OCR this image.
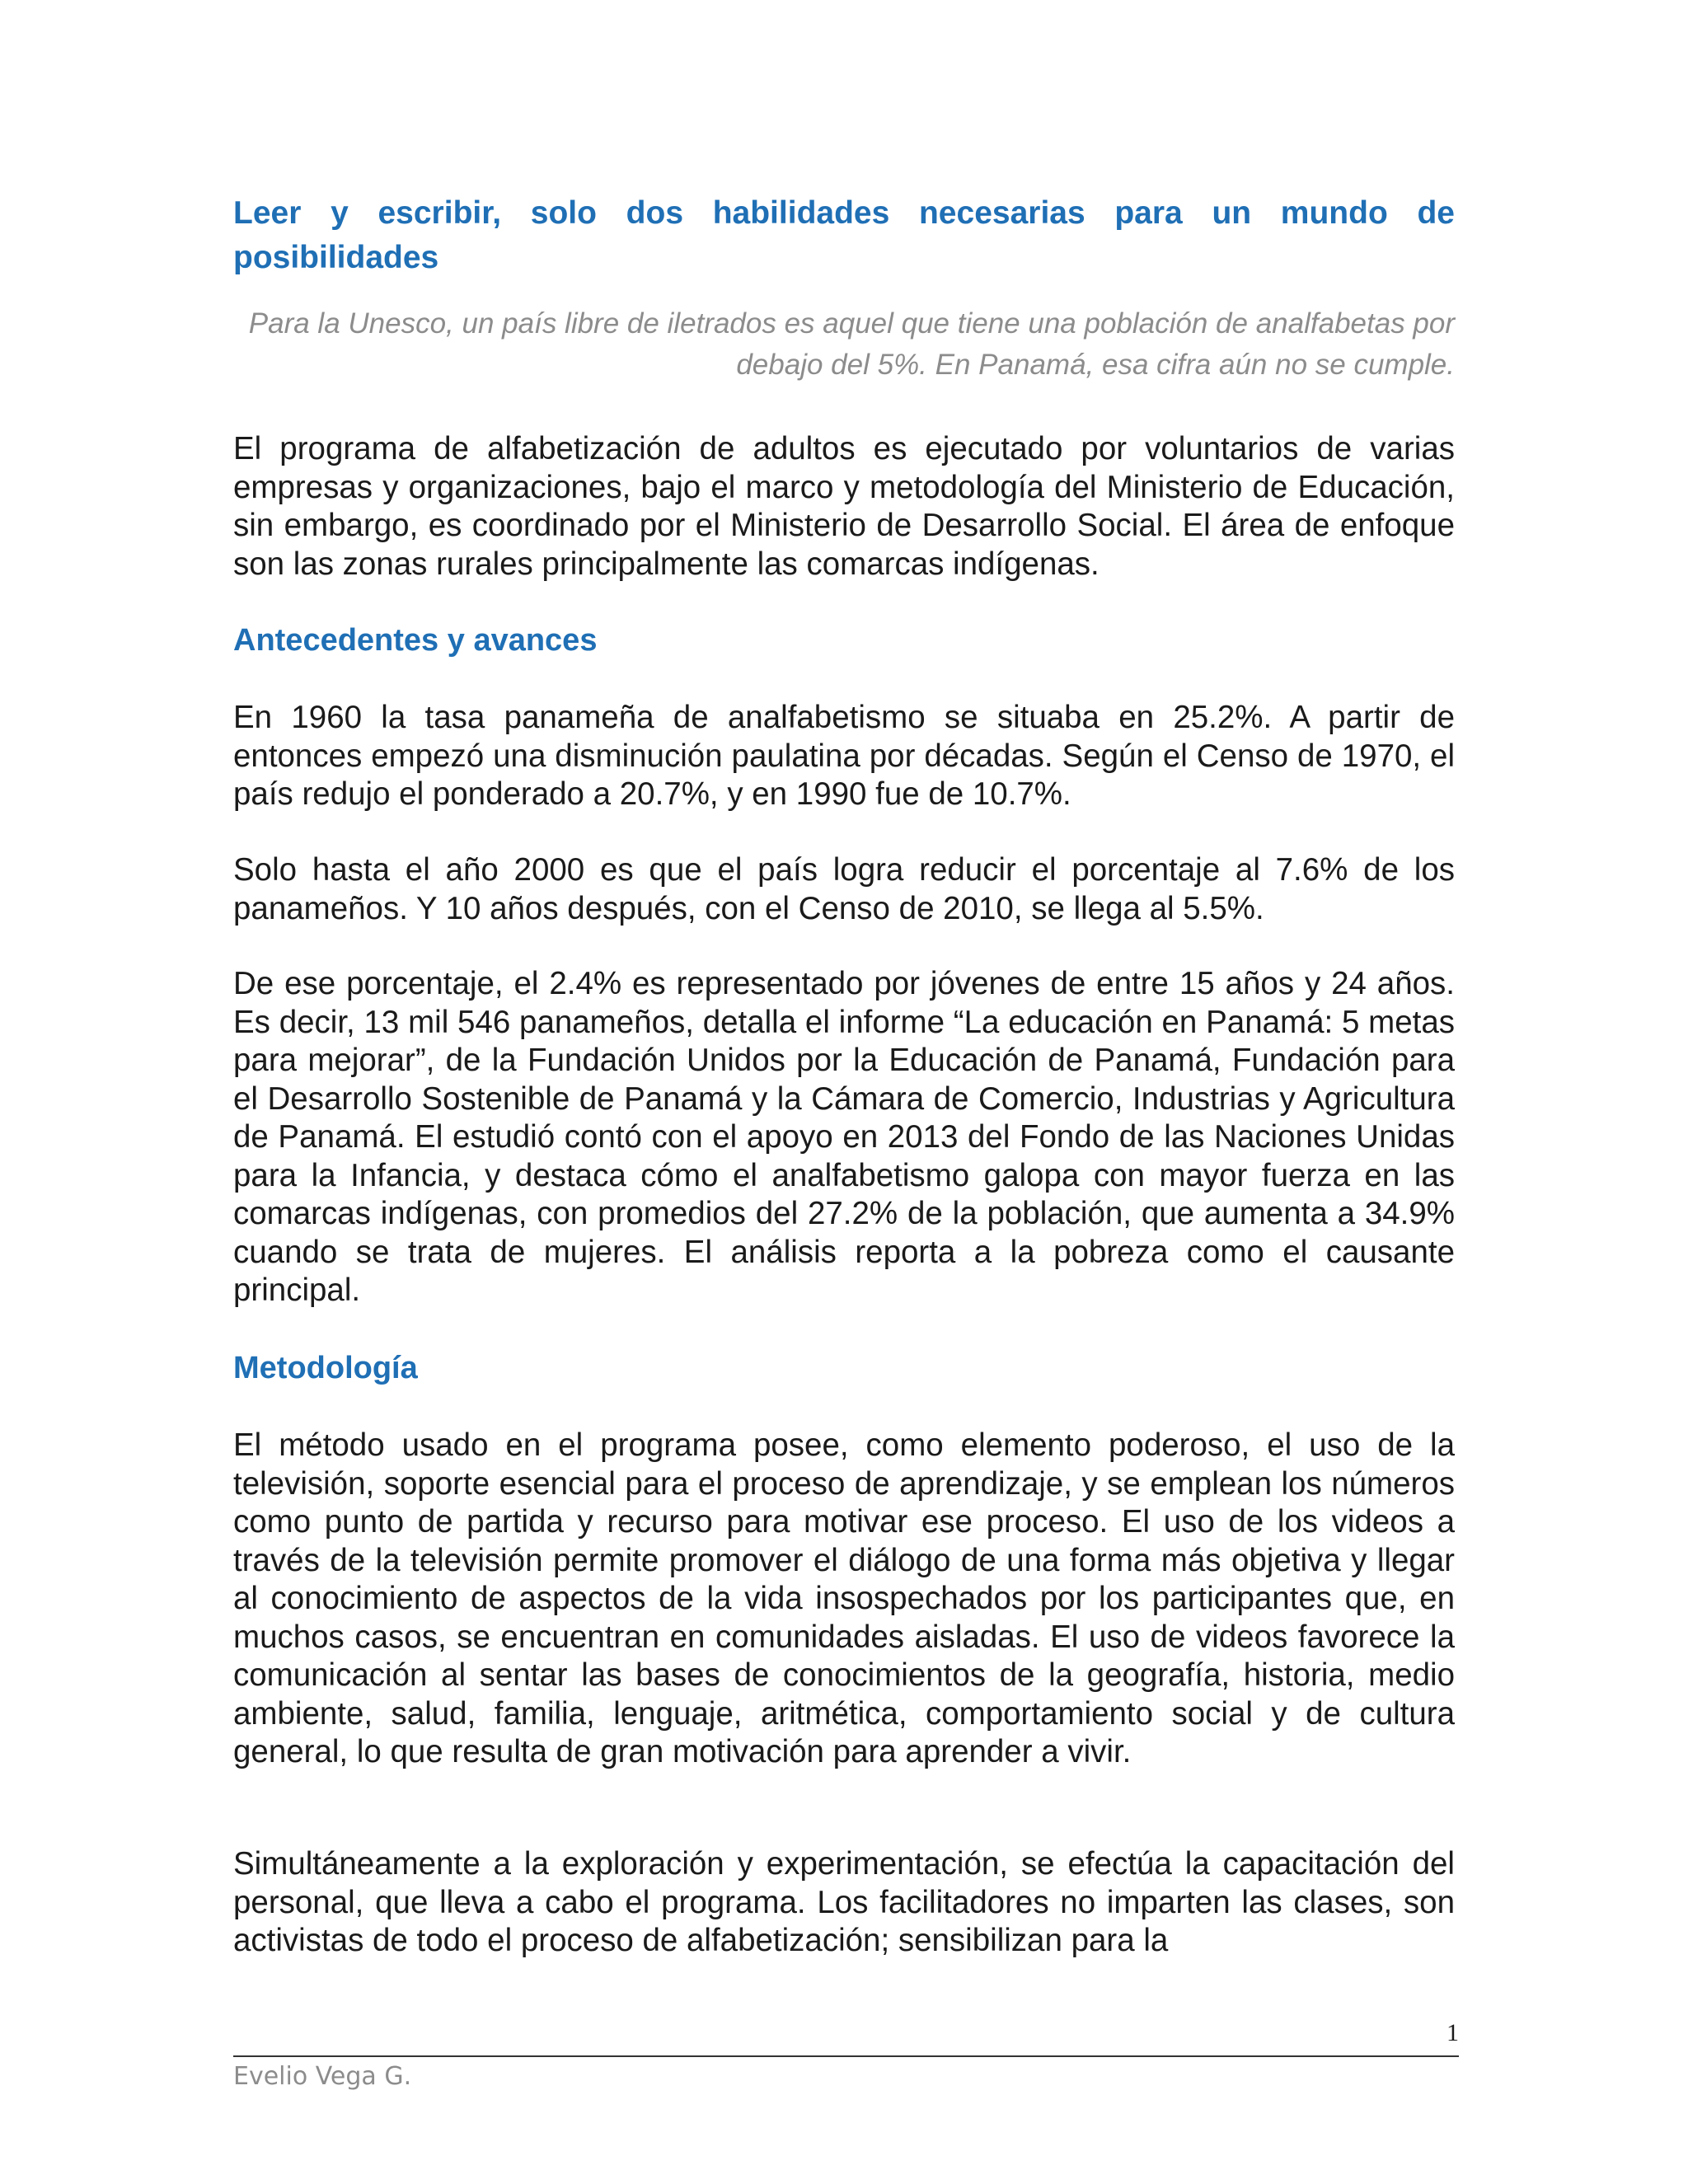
Leer y escribir, solo dos habilidades necesarias para un mundo de posibilidades

Para la Unesco, un país libre de iletrados es aquel que tiene una población de analfabetas por debajo del 5%. En Panamá, esa cifra aún no se cumple.

El programa de alfabetización de adultos es ejecutado por voluntarios de varias empresas y organizaciones, bajo el marco y metodología del Ministerio de Educación, sin embargo, es coordinado por el Ministerio de Desarrollo Social. El área de enfoque son las zonas rurales principalmente las comarcas indígenas.

Antecedentes y avances

En 1960 la tasa panameña de analfabetismo se situaba en 25.2%. A partir de entonces empezó una disminución paulatina por décadas. Según el Censo de 1970, el país redujo el ponderado a 20.7%, y en 1990 fue de 10.7%.

Solo hasta el año 2000 es que el país logra reducir el porcentaje al 7.6% de los panameños. Y 10 años después, con el Censo de 2010, se llega al 5.5%.

De ese porcentaje, el 2.4% es representado por jóvenes de entre 15 años y 24 años. Es decir, 13 mil 546 panameños, detalla el informe “La educación en Panamá: 5 metas para mejorar”, de la Fundación Unidos por la Educación de Panamá, Fundación para el Desarrollo Sostenible de Panamá y la Cámara de Comercio, Industrias y Agricultura de Panamá. El estudió contó con el apoyo en 2013 del Fondo de las Naciones Unidas para la Infancia, y destaca cómo el analfabetismo galopa con mayor fuerza en las comarcas indígenas, con promedios del 27.2% de la población, que aumenta a 34.9% cuando se trata de mujeres. El análisis reporta a la pobreza como el causante principal.

Metodología

El método usado en el programa posee, como elemento poderoso, el uso de la televisión, soporte esencial para el proceso de aprendizaje, y se emplean los números como punto de partida y recurso para motivar ese proceso. El uso de los videos a través de la televisión permite promover el diálogo de una forma más objetiva y llegar al conocimiento de aspectos de la vida insospechados por los participantes que, en muchos casos, se encuentran en comunidades aisladas. El uso de videos favorece la comunicación al sentar las bases de conocimientos de la geografía, historia, medio ambiente, salud, familia, lenguaje, aritmética, comportamiento social y de cultura general, lo que resulta de gran motivación para aprender a vivir.

Simultáneamente a la exploración y experimentación, se efectúa la capacitación del personal, que lleva a cabo el programa. Los facilitadores no imparten las clases, son activistas de todo el proceso de alfabetización; sensibilizan para la

1
Evelio Vega G.
